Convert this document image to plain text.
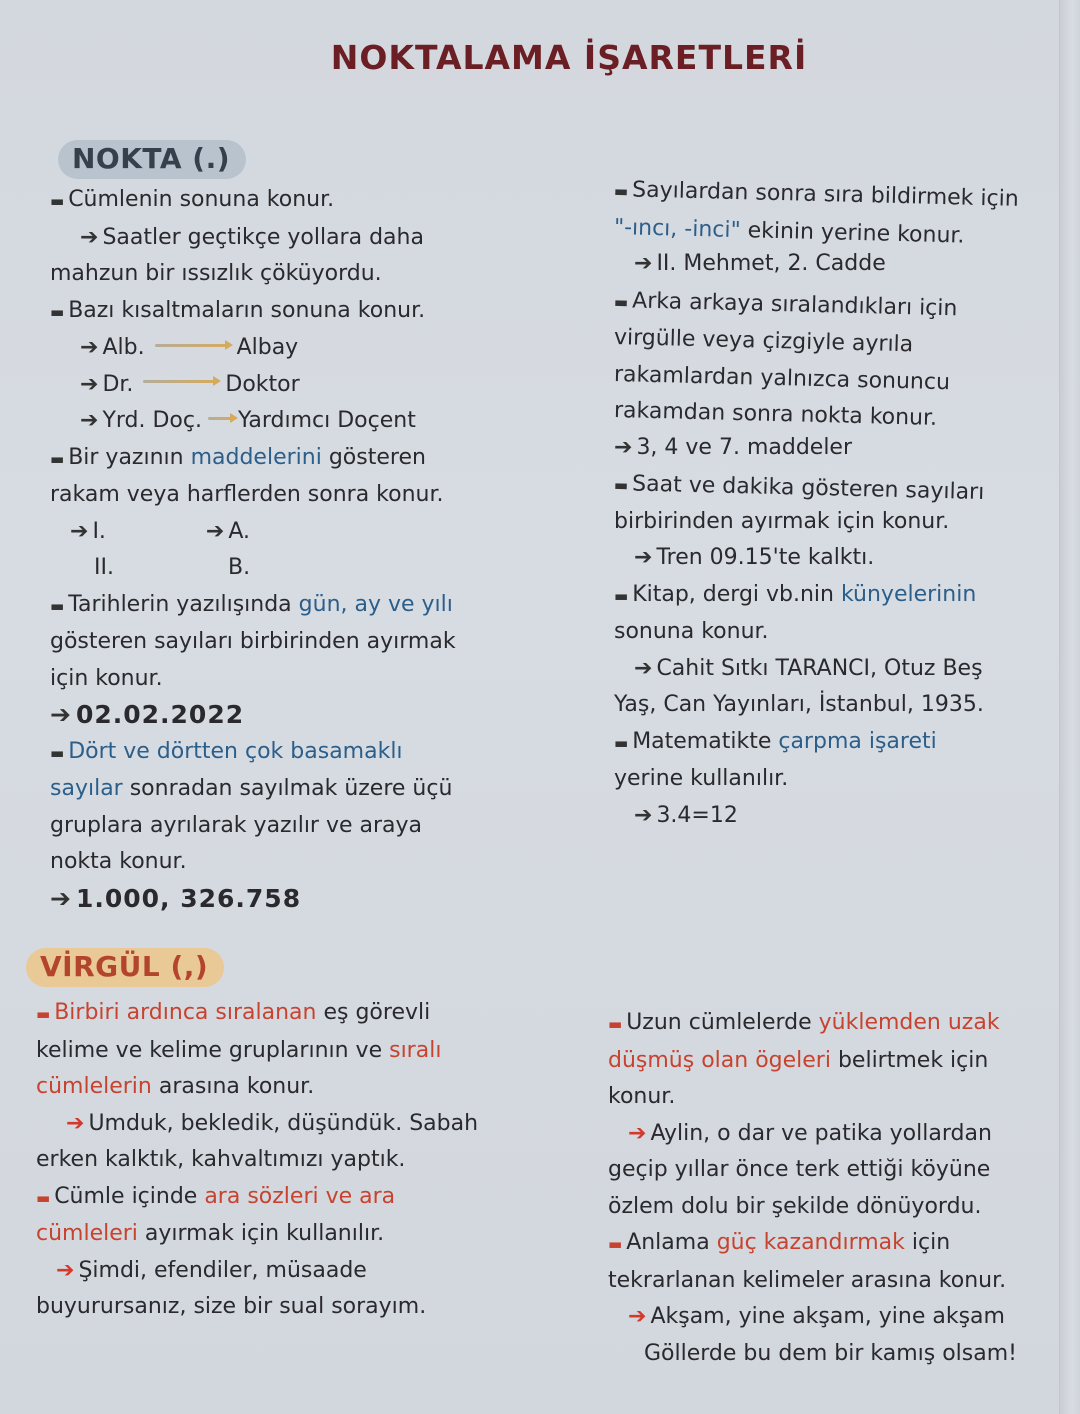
NOKTALAMA İŞARETLERİ
NOKTA (.)
▬ Cümlenin sonuna konur.
➔ Saatler geçtikçe yollara daha
mahzun bir ıssızlık çöküyordu.
▬ Bazı kısaltmaların sonuna konur.
➔ Alb.	Albay
➔ Dr.	Doktor
➔ Yrd. Doç. Yardımcı Doçent
▬ Bir yazının maddelerini gösteren
rakam veya harflerden sonra konur.
➔ I.	➔ A.
II.	B.
▬ Tarihlerin yazılışında gün, ay ve yılı
gösteren sayıları birbirinden ayırmak
için konur.
➔ 02.02.2022
▬ Dört ve dörtten çok basamaklı
sayılar sonradan sayılmak üzere üçü
gruplara ayrılarak yazılır ve araya
nokta konur.
➔ 1.000, 326.758
▬ Sayılardan sonra sıra bildirmek için
"-ıncı, -inci" ekinin yerine konur.
➔ II. Mehmet, 2. Cadde
▬ Arka arkaya sıralandıkları için
virgülle veya çizgiyle ayrıla
rakamlardan yalnızca sonuncu
rakamdan sonra nokta konur.
➔ 3, 4 ve 7. maddeler
▬ Saat ve dakika gösteren sayıları
birbirinden ayırmak için konur.
➔ Tren 09.15'te kalktı.
▬ Kitap, dergi vb.nin künyelerinin
sonuna konur.
➔ Cahit Sıtkı TARANCI, Otuz Beş
Yaş, Can Yayınları, İstanbul, 1935.
▬ Matematikte çarpma işareti
yerine kullanılır.
➔ 3.4=12
VİRGÜL (,)
▬ Birbiri ardınca sıralanan eş görevli
kelime ve kelime gruplarının ve sıralı
cümlelerin arasına konur.
➔ Umduk, bekledik, düşündük. Sabah
erken kalktık, kahvaltımızı yaptık.
▬ Cümle içinde ara sözleri ve ara
cümleleri ayırmak için kullanılır.
➔ Şimdi, efendiler, müsaade
buyurursanız, size bir sual sorayım.
▬ Uzun cümlelerde yüklemden uzak
düşmüş olan ögeleri belirtmek için
konur.
➔ Aylin, o dar ve patika yollardan
geçip yıllar önce terk ettiği köyüne
özlem dolu bir şekilde dönüyordu.
▬ Anlama güç kazandırmak için
tekrarlanan kelimeler arasına konur.
➔ Akşam, yine akşam, yine akşam
Göllerde bu dem bir kamış olsam!
